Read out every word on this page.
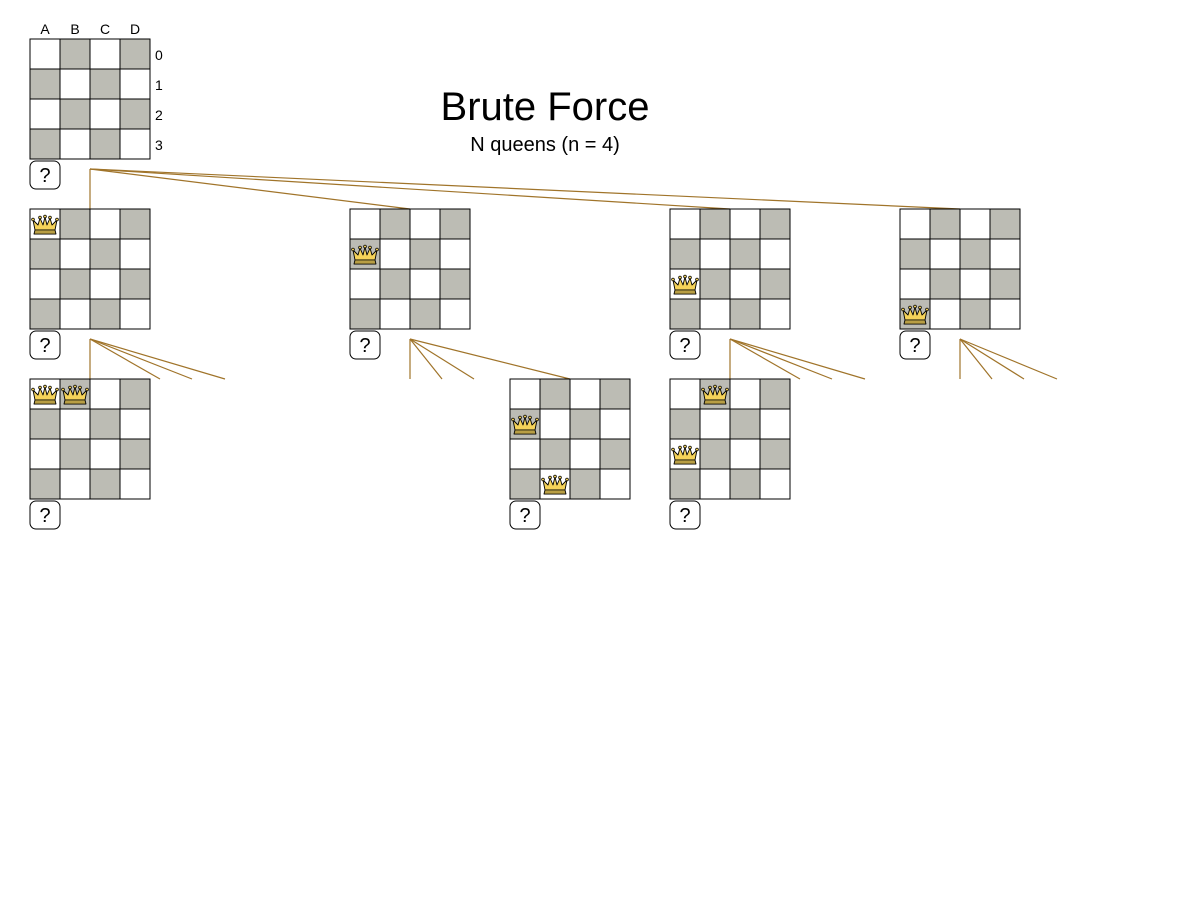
A B C D
0
1
2
3
Brute Force
N queens (n = 4)
?
?	?	?	?
?	?	?
